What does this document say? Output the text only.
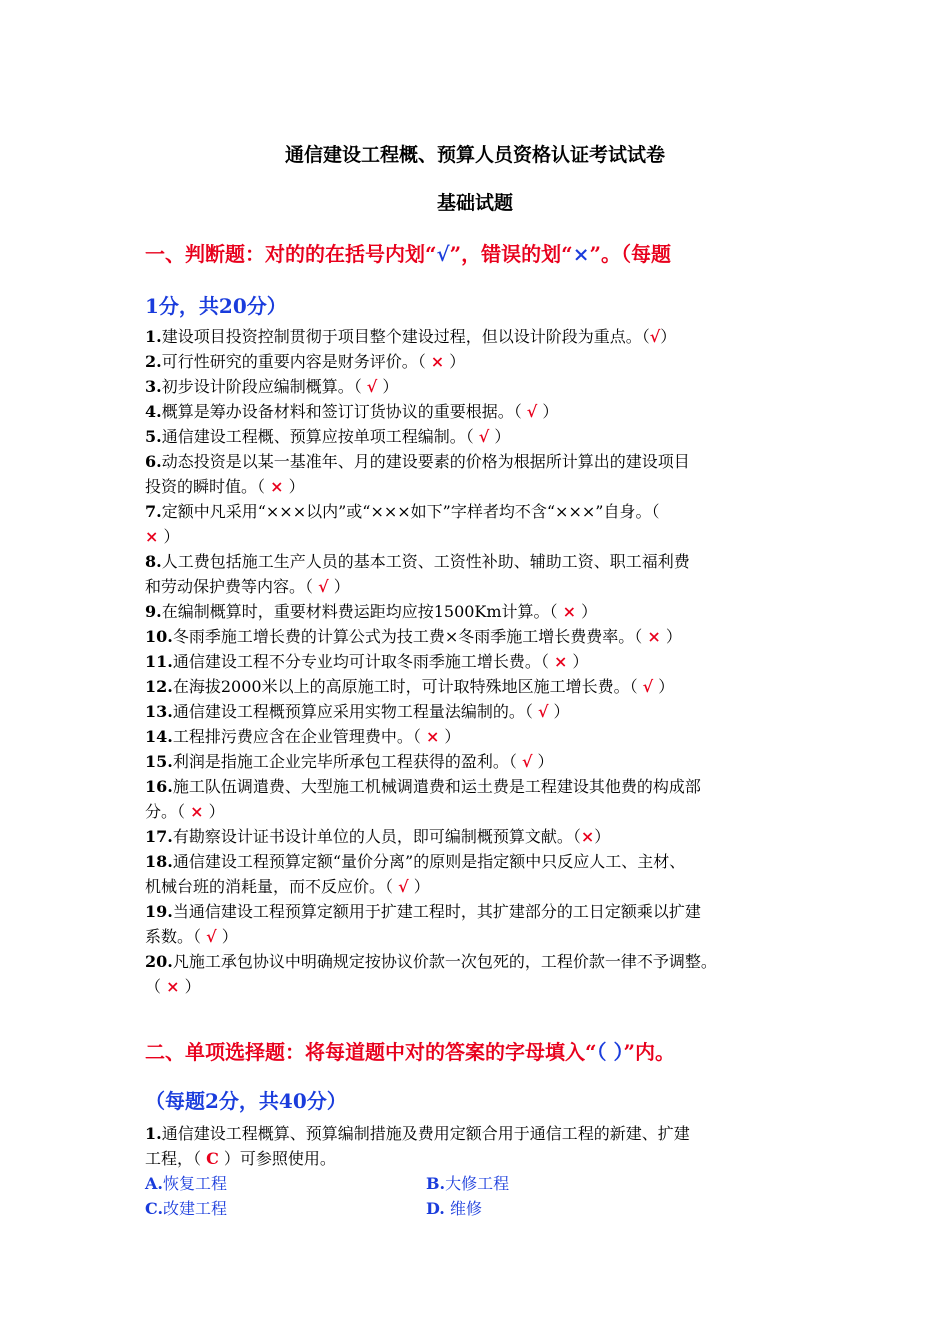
通信建设工程概、预算人员资格认证考试试卷
基础试题
一、判断题：对的的在括号内划“√”，错误的划“×”。（每题
1分，共20分）
1.建设项目投资控制贯彻于项目整个建设过程，但以设计阶段为重点。（√）
2.可行性研究的重要内容是财务评价。（ × ）
3.初步设计阶段应编制概算。（ √ ）
4.概算是筹办设备材料和签订订货协议的重要根据。（ √ ）
5.通信建设工程概、预算应按单项工程编制。（ √ ）
6.动态投资是以某一基准年、月的建设要素的价格为根据所计算出的建设项目
投资的瞬时值。（ × ）
7.定额中凡采用“×××以内”或“×××如下”字样者均不含“×××”自身。（
× ）
8.人工费包括施工生产人员的基本工资、工资性补助、辅助工资、职工福利费
和劳动保护费等内容。（ √ ）
9.在编制概算时，重要材料费运距均应按1500Km计算。（ × ）
10.冬雨季施工增长费的计算公式为技工费×冬雨季施工增长费费率。（ × ）
11.通信建设工程不分专业均可计取冬雨季施工增长费。（ × ）
12.在海拔2000米以上的高原施工时，可计取特殊地区施工增长费。（ √ ）
13.通信建设工程概预算应采用实物工程量法编制的。（ √ ）
14.工程排污费应含在企业管理费中。（ × ）
15.利润是指施工企业完毕所承包工程获得的盈利。（ √ ）
16.施工队伍调遣费、大型施工机械调遣费和运土费是工程建设其他费的构成部
分。（ × ）
17.有勘察设计证书设计单位的人员，即可编制概预算文献。（×）
18.通信建设工程预算定额“量价分离”的原则是指定额中只反应人工、主材、
机械台班的消耗量，而不反应价。（ √ ）
19.当通信建设工程预算定额用于扩建工程时，其扩建部分的工日定额乘以扩建
系数。（ √ ）
20.凡施工承包协议中明确规定按协议价款一次包死的，工程价款一律不予调整。
（ × ）
二、单项选择题：将每道题中对的答案的字母填入“（ ）”内。
（每题2分，共40分）
1.通信建设工程概算、预算编制措施及费用定额合用于通信工程的新建、扩建
工程，（ C ）可参照使用。
A.恢复工程	B.大修工程
C.改建工程	D. 维修
